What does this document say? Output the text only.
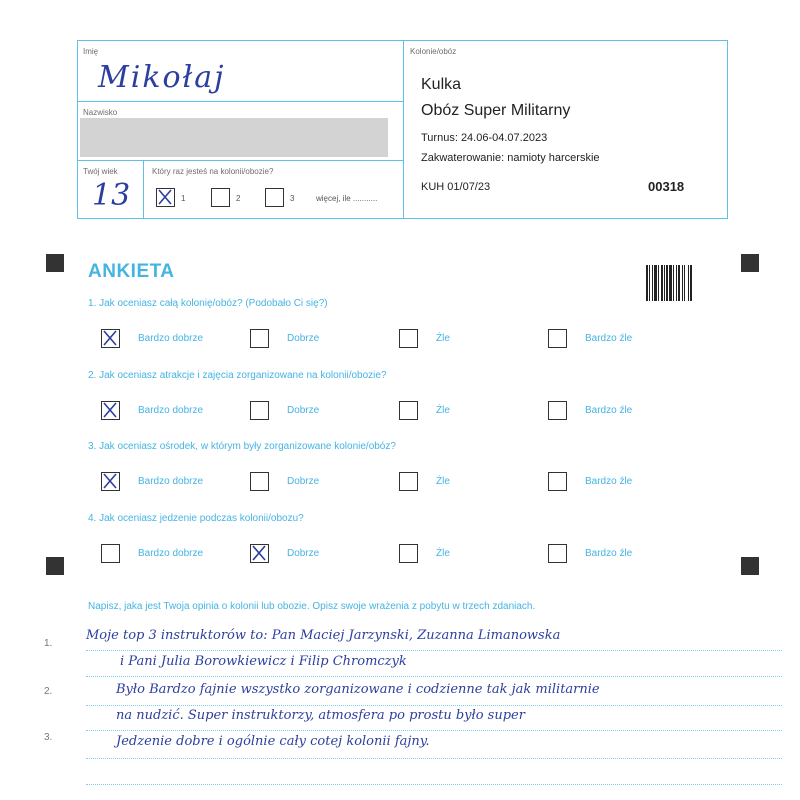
Imię
Mikołaj
Nazwisko
Twój wiek
13
Który raz jesteś na kolonii/obozie?
1	2	3	więcej, ile ...........
Kolonie/obóz
Kulka
Obóz Super Militarny
Turnus: 24.06-04.07.2023
Zakwaterowanie: namioty harcerskie
KUH 01/07/23	00318
ANKIETA
1. Jak oceniasz całą kolonię/obóz? (Podobało Ci się?)
Bardzo dobrze	Dobrze	Źle	Bardzo źle
2. Jak oceniasz atrakcje i zajęcia zorganizowane na kolonii/obozie?
Bardzo dobrze	Dobrze	Źle	Bardzo źle
3. Jak oceniasz ośrodek, w którym były zorganizowane kolonie/obóz?
Bardzo dobrze	Dobrze	Źle	Bardzo źle
4. Jak oceniasz jedzenie podczas kolonii/obozu?
Bardzo dobrze	Dobrze	Źle	Bardzo źle
Napisz, jaka jest Twoja opinia o kolonii lub obozie. Opisz swoje wrażenia z pobytu w trzech zdaniach.
1.
2.
3.
Moje top 3 instruktorów to: Pan Maciej Jarzynski, Zuzanna Limanowska
i Pani Julia Borowkiewicz i Filip Chromczyk
Było Bardzo fajnie wszystko zorganizowane i codzienne tak jak militarnie
na nudzić. Super instruktorzy, atmosfera po prostu było super
Jedzenie dobre i ogólnie cały cotej kolonii fajny.
